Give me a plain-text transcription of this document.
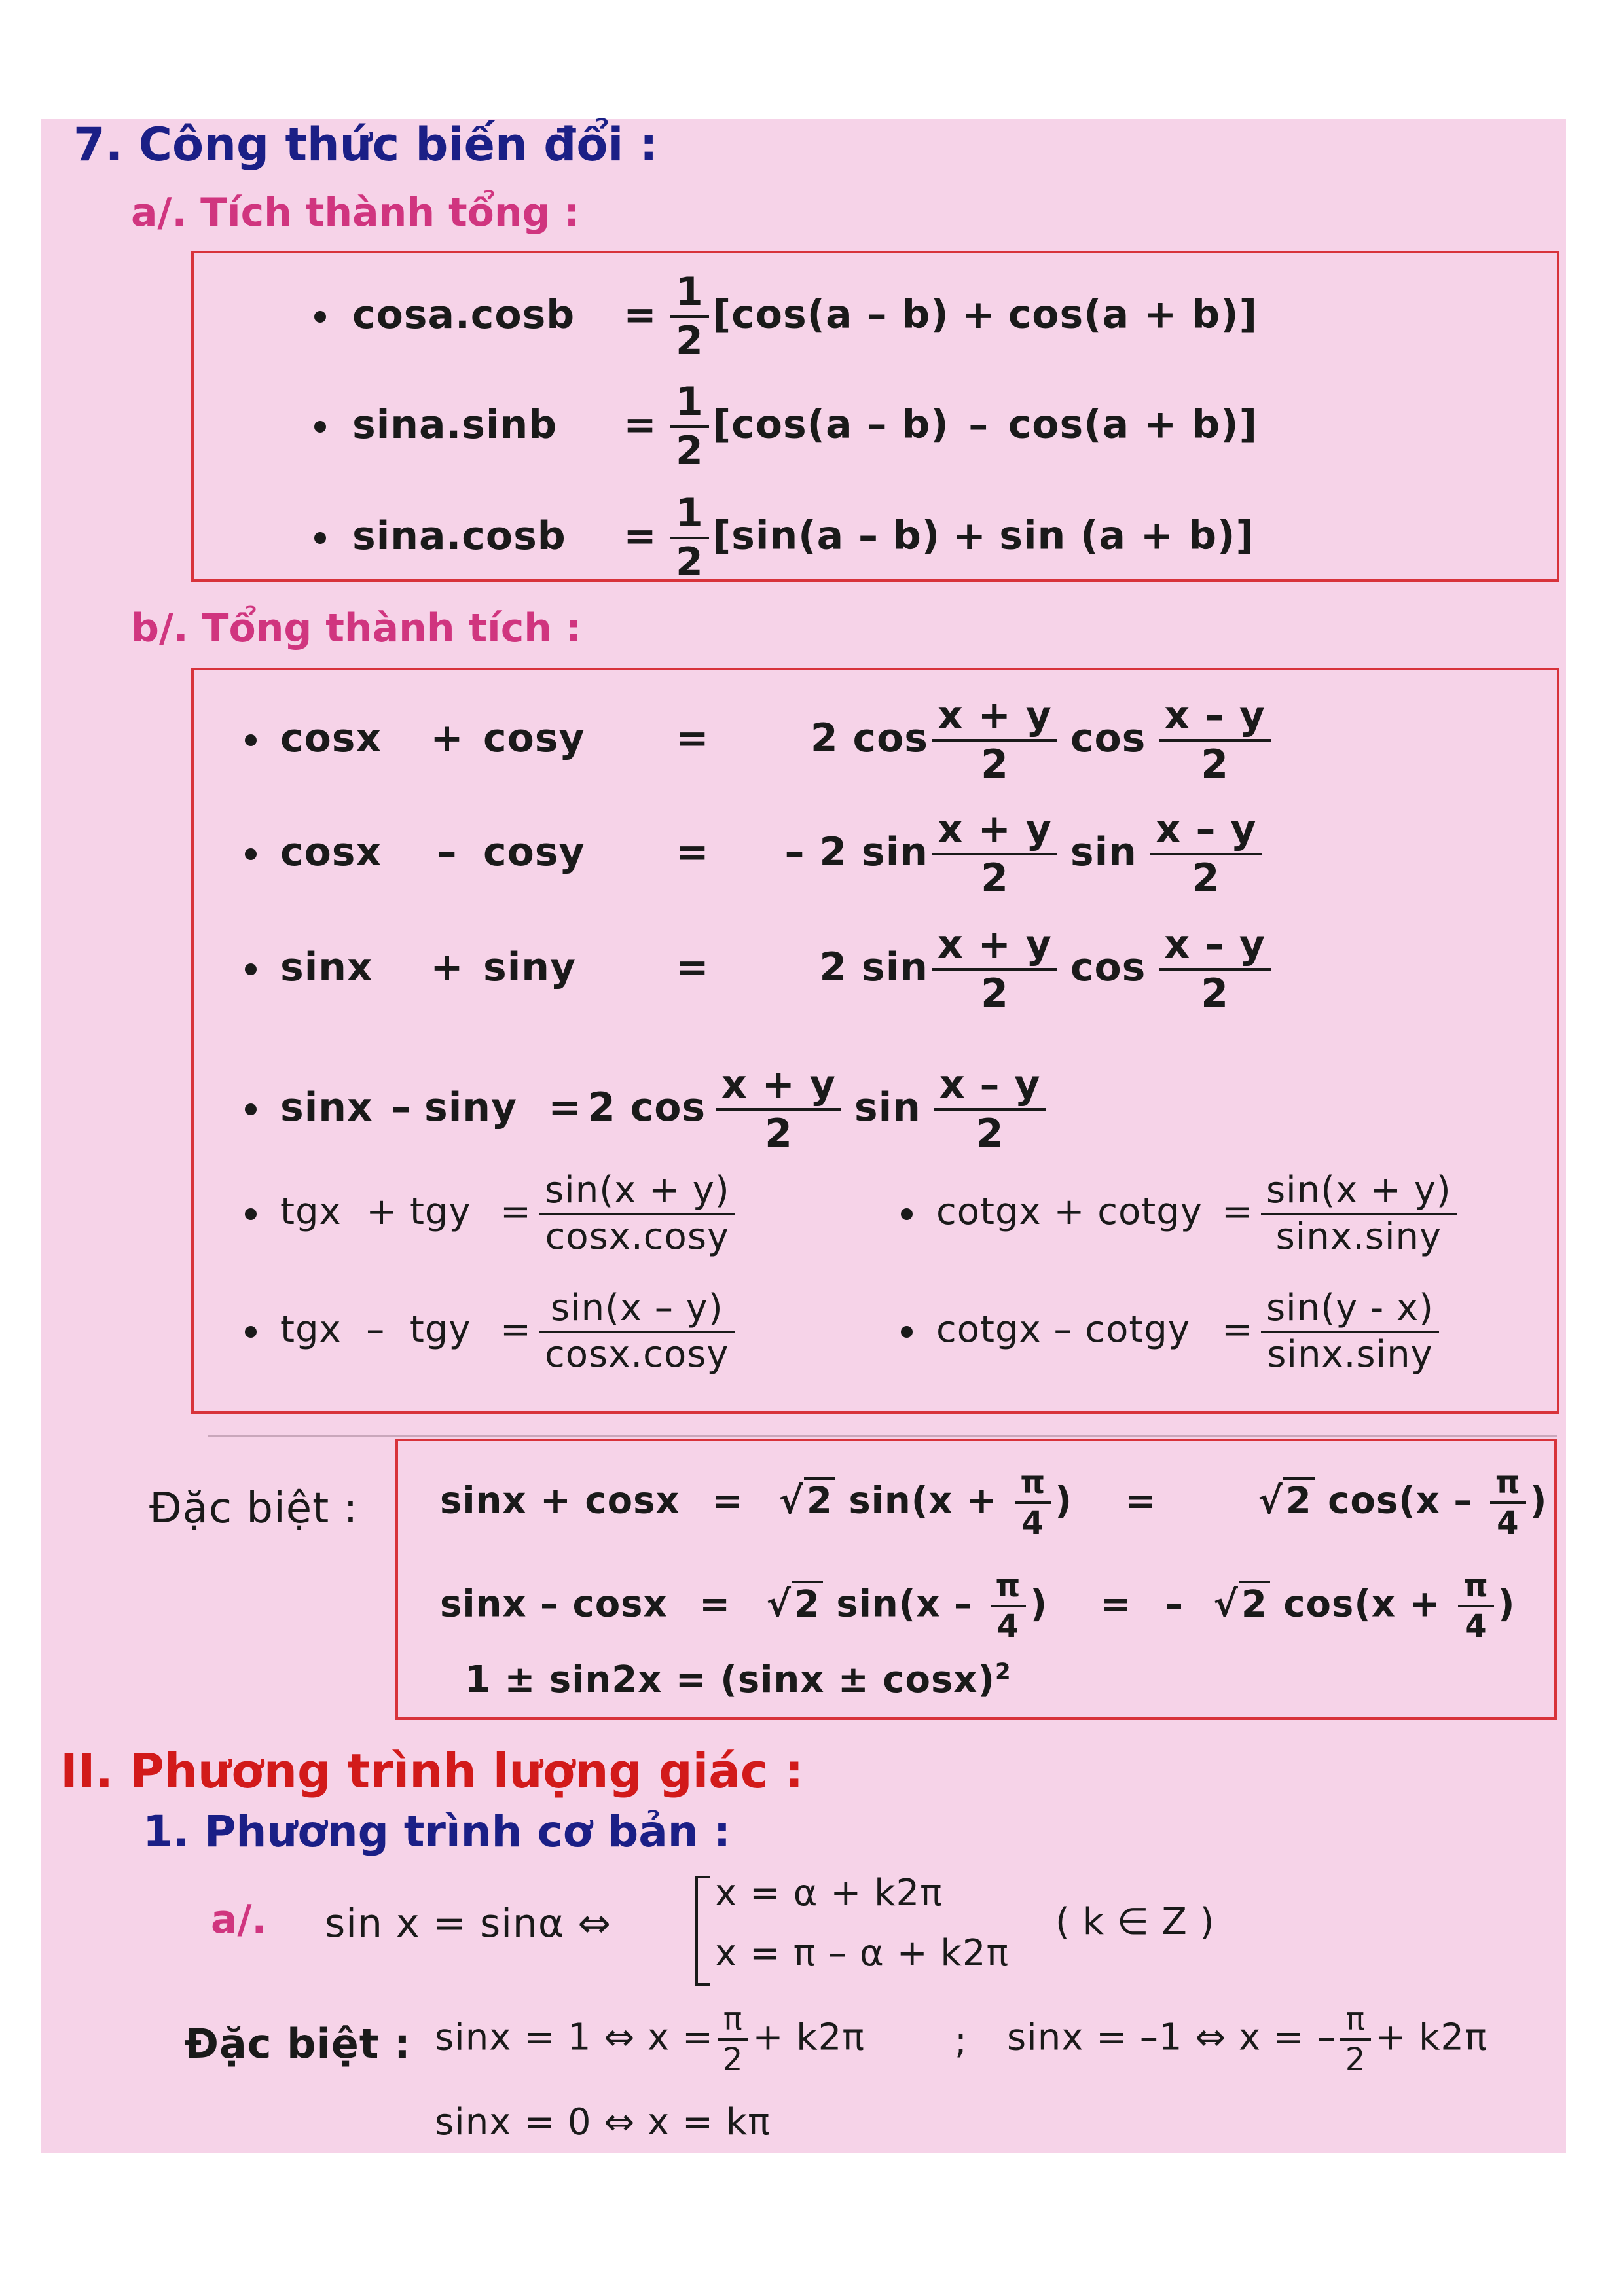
7. Công thức biến đổi :
a/. Tích thành tổng :
$\cos a.\cos b = \frac{1}{2} [\cos(a - b) + \cos(a + b)]$
$\sin a.\sin b = \frac{1}{2} [\cos(a - b) - \cos(a + b)]$
$\sin a.\cos b = \frac{1}{2} [\sin(a - b) + \sin (a + b)]$
b/. Tổng thành tích :
cosx + cosy =	2 $\cos \frac{x + y}{2}$ $\cos \frac{x - y}{2}$
cosx – cosy = – 2 $\sin \frac{x + y}{2}$ $\sin \frac{x - y}{2}$
sinx + siny	=	2 $\sin \frac{x + y}{2}$ $\cos \frac{x - y}{2}$
sinx – siny = 2 $\cos \frac{x + y}{2}$ $\sin \frac{x - y}{2}$
tgx  + tgy = $\frac{\sin(x + y)}{\cos x.\cos y}$	cotgx + cotgy = $\frac{\sin(x + y)}{\sin x.\sin y}$
tgx  –  tgy = $\frac{\sin(x - y)}{\cos x.\cos y}$	cotgx – cotgy = $\frac{\sin(y - x)}{\sin x.\sin y}$
Đặc biệt : sinx + cosx = √2 $\sin(x + \frac{\pi}{4}$ ) =	√2 $\cos(x - \frac{\pi}{4}$ )
sinx – cosx = √2 $\sin(x - \frac{\pi}{4}$ ) = – √2 $\cos(x + \frac{\pi}{4}$ )
$1 \pm \sin 2x = (\sin x \pm \cos x)^2$
II. Phương trình lượng giác :
1. Phương trình cơ bản :
a/. sin x = sinα ⇔
x = α + k2π
x = π – α + k2π
( k ∈ Z )
Đặc biệt : sinx = 1 ⇔ $x = \frac{\pi}{2} + k2\pi$ ; sinx = –1 ⇔ x = – $\frac{\pi}{2} + k2\pi$
sinx = 0 ⇔ x = kπ
